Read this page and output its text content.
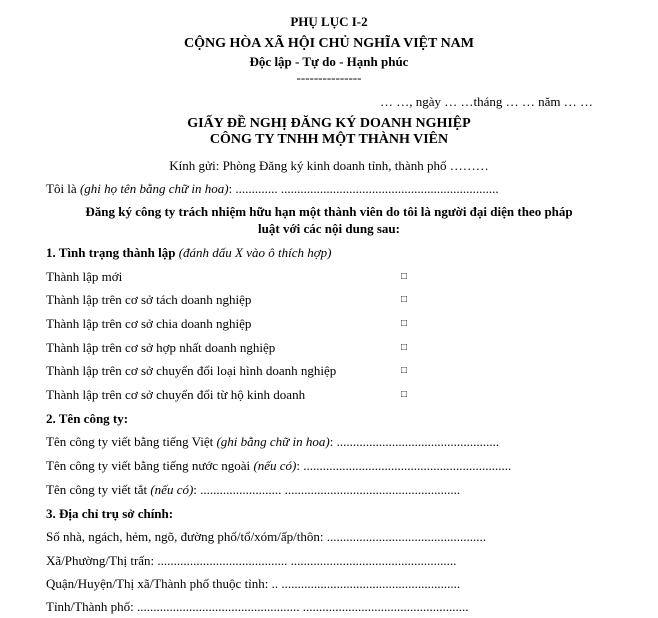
PHỤ LỤC I-2
CỘNG HÒA XÃ HỘI CHỦ NGHĨA VIỆT NAM
Độc lập - Tự do - Hạnh phúc
---------------
… …, ngày … …tháng … … năm … …
GIẤY ĐỀ NGHỊ ĐĂNG KÝ DOANH NGHIỆP
CÔNG TY TNHH MỘT THÀNH VIÊN
Kính gửi: Phòng Đăng ký kinh doanh tỉnh, thành phố ………
Tôi là (ghi họ tên bằng chữ in hoa): ............. ...................................................................
Đăng ký công ty trách nhiệm hữu hạn một thành viên do tôi là người đại diện theo pháp
luật với các nội dung sau:
1. Tình trạng thành lập (đánh dấu X vào ô thích hợp)
Thành lập mới	□
Thành lập trên cơ sở tách doanh nghiệp	□
Thành lập trên cơ sở chia doanh nghiệp	□
Thành lập trên cơ sở hợp nhất doanh nghiệp	□
Thành lập trên cơ sở chuyển đổi loại hình doanh nghiệp	□
Thành lập trên cơ sở chuyển đổi từ hộ kinh doanh	□
2. Tên công ty:
Tên công ty viết bằng tiếng Việt (ghi bằng chữ in hoa): ..................................................
Tên công ty viết bằng tiếng nước ngoài (nếu có): ................................................................
Tên công ty viết tắt (nếu có): ......................... ......................................................
3. Địa chỉ trụ sở chính:
Số nhà, ngách, hẻm, ngõ, đường phố/tổ/xóm/ấp/thôn: .................................................
Xã/Phường/Thị trấn: ........................................ ...................................................
Quận/Huyện/Thị xã/Thành phố thuộc tỉnh: .. .......................................................
Tỉnh/Thành phố: .................................................. ...................................................
